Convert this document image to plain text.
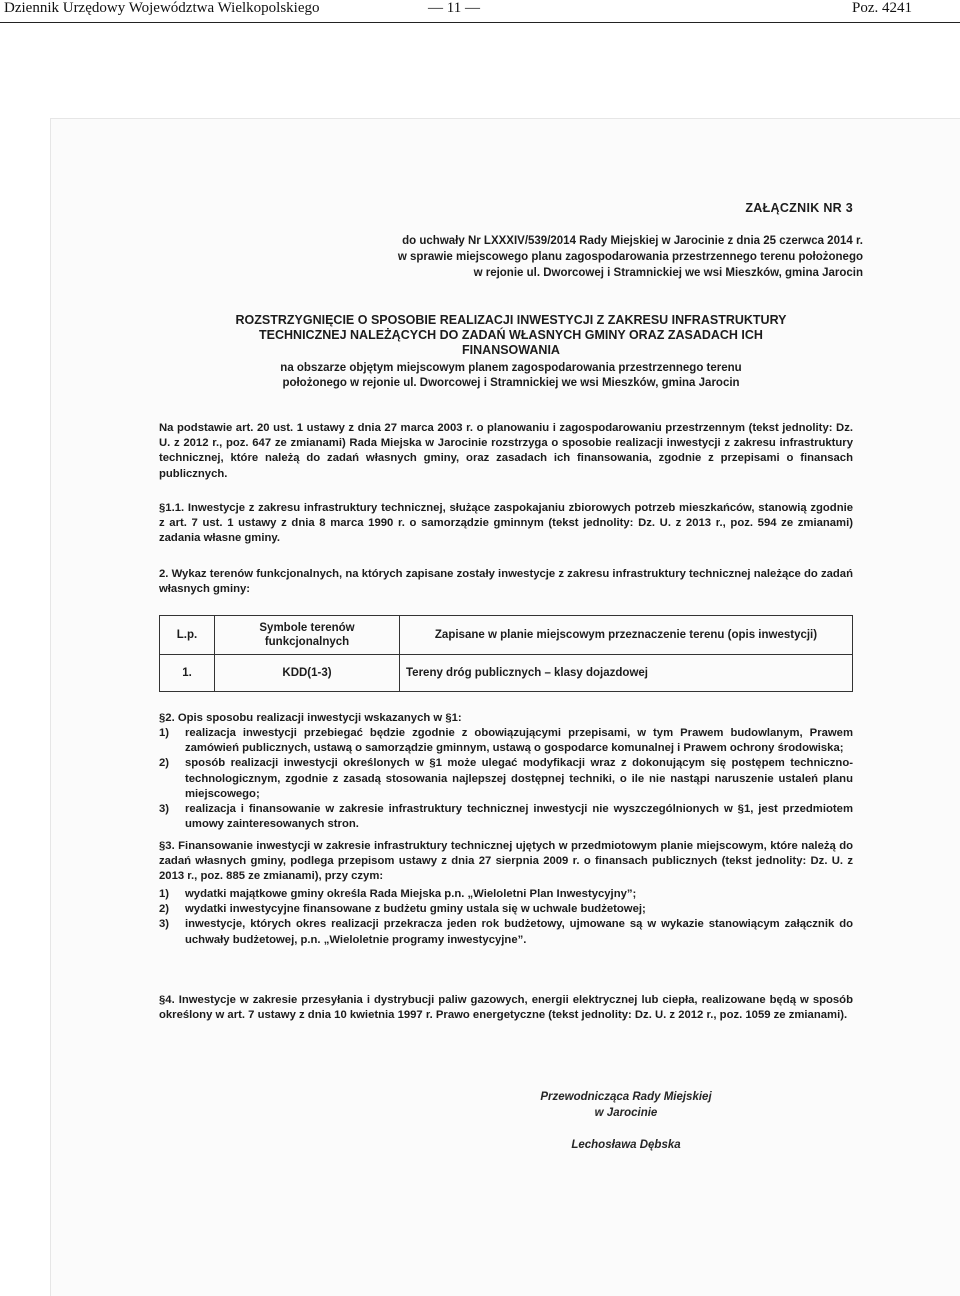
Dziennik Urzędowy Województwa Wielkopolskiego	— 11 —	Poz. 4241
ZAŁĄCZNIK NR 3
do uchwały Nr LXXXIV/539/2014 Rady Miejskiej w Jarocinie z dnia 25 czerwca 2014 r.
w sprawie miejscowego planu zagospodarowania przestrzennego terenu położonego
w rejonie ul. Dworcowej i Stramnickiej we wsi Mieszków, gmina Jarocin
ROZSTRZYGNIĘCIE O SPOSOBIE REALIZACJI INWESTYCJI Z ZAKRESU INFRASTRUKTURY
TECHNICZNEJ NALEŻĄCYCH DO ZADAŃ WŁASNYCH GMINY ORAZ ZASADACH ICH
FINANSOWANIA
na obszarze objętym miejscowym planem zagospodarowania przestrzennego terenu
położonego w rejonie ul. Dworcowej i Stramnickiej we wsi Mieszków, gmina Jarocin

Na podstawie art. 20 ust. 1 ustawy z dnia 27 marca 2003 r. o planowaniu i zagospodarowaniu przestrzennym (tekst jednolity: Dz. U. z 2012 r., poz. 647 ze zmianami) Rada Miejska w Jarocinie rozstrzyga o sposobie realizacji inwestycji z zakresu infrastruktury technicznej, które należą do zadań własnych gminy, oraz zasadach ich finansowania, zgodnie z przepisami o finansach publicznych.

§1.1. Inwestycje z zakresu infrastruktury technicznej, służące zaspokajaniu zbiorowych potrzeb mieszkańców, stanowią zgodnie z art. 7 ust. 1 ustawy z dnia 8 marca 1990 r. o samorządzie gminnym (tekst jednolity: Dz. U. z 2013 r., poz. 594 ze zmianami) zadania własne gminy.

2. Wykaz terenów funkcjonalnych, na których zapisane zostały inwestycje z zakresu infrastruktury technicznej należące do zadań własnych gminy:

L.p.	Symbole terenów funkcjonalnych	Zapisane w planie miejscowym przeznaczenie terenu (opis inwestycji)
1.	KDD(1-3)	Tereny dróg publicznych – klasy dojazdowej

§2. Opis sposobu realizacji inwestycji wskazanych w §1:

1) realizacja inwestycji przebiegać będzie zgodnie z obowiązującymi przepisami, w tym Prawem budowlanym, Prawem zamówień publicznych, ustawą o samorządzie gminnym, ustawą o gospodarce komunalnej i Prawem ochrony środowiska;
2) sposób realizacji inwestycji określonych w §1 może ulegać modyfikacji wraz z dokonującym się postępem techniczno-technologicznym, zgodnie z zasadą stosowania najlepszej dostępnej techniki, o ile nie nastąpi naruszenie ustaleń planu miejscowego;
3) realizacja i finansowanie w zakresie infrastruktury technicznej inwestycji nie wyszczególnionych w §1, jest przedmiotem umowy zainteresowanych stron.

§3. Finansowanie inwestycji w zakresie infrastruktury technicznej ujętych w przedmiotowym planie miejscowym, które należą do zadań własnych gminy, podlega przepisom ustawy z dnia 27 sierpnia 2009 r. o finansach publicznych (tekst jednolity: Dz. U. z 2013 r., poz. 885 ze zmianami), przy czym:

1) wydatki majątkowe gminy określa Rada Miejska p.n. „Wieloletni Plan Inwestycyjny”;
2) wydatki inwestycyjne finansowane z budżetu gminy ustala się w uchwale budżetowej;
3) inwestycje, których okres realizacji przekracza jeden rok budżetowy, ujmowane są w wykazie stanowiącym załącznik do uchwały budżetowej, p.n. „Wieloletnie programy inwestycyjne”.

§4. Inwestycje w zakresie przesyłania i dystrybucji paliw gazowych, energii elektrycznej lub ciepła, realizowane będą w sposób określony w art. 7 ustawy z dnia 10 kwietnia 1997 r. Prawo energetyczne (tekst jednolity: Dz. U. z 2012 r., poz. 1059 ze zmianami).

Przewodnicząca Rady Miejskiej
w Jarocinie
Lechosława Dębska
